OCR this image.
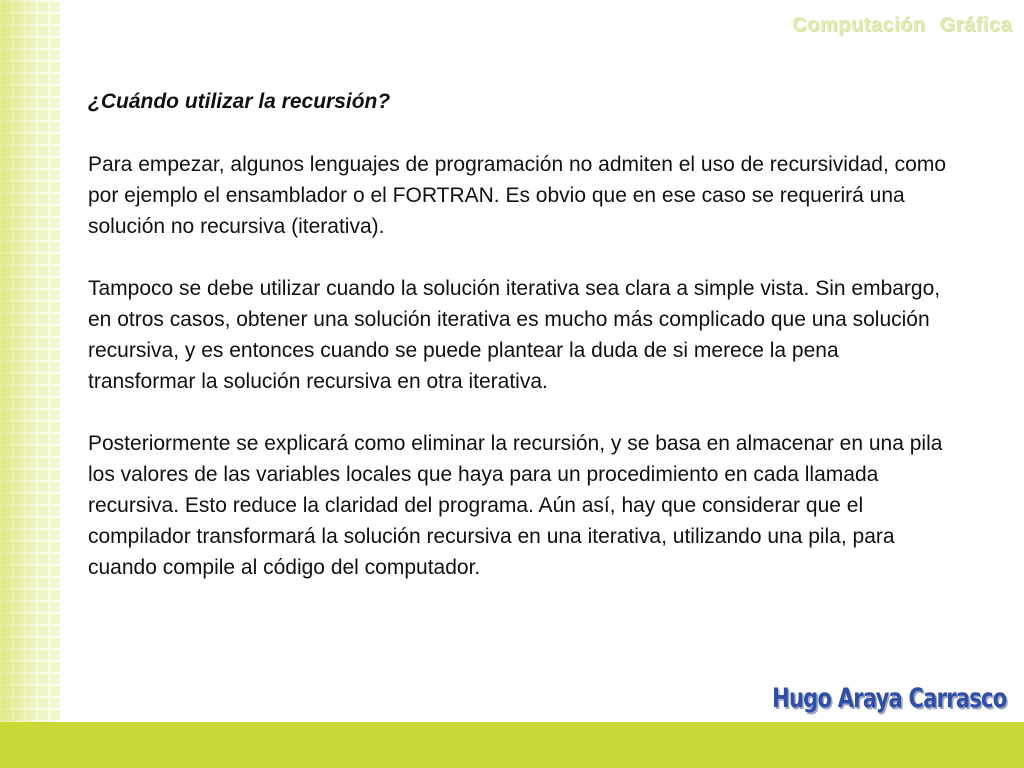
Computación Gráfica

¿Cuándo utilizar la recursión?

Para empezar, algunos lenguajes de programación no admiten el uso de recursividad, como por ejemplo el ensamblador o el FORTRAN. Es obvio que en ese caso se requerirá una solución no recursiva (iterativa).

Tampoco se debe utilizar cuando la solución iterativa sea clara a simple vista. Sin embargo, en otros casos, obtener una solución iterativa es mucho más complicado que una solución recursiva, y es entonces cuando se puede plantear la duda de si merece la pena transformar la solución recursiva en otra iterativa.

Posteriormente se explicará como eliminar la recursión, y se basa en almacenar en una pila los valores de las variables locales que haya para un procedimiento en cada llamada recursiva. Esto reduce la claridad del programa. Aún así, hay que considerar que el compilador transformará la solución recursiva en una iterativa, utilizando una pila, para cuando compile al código del computador.

Hugo Araya Carrasco
